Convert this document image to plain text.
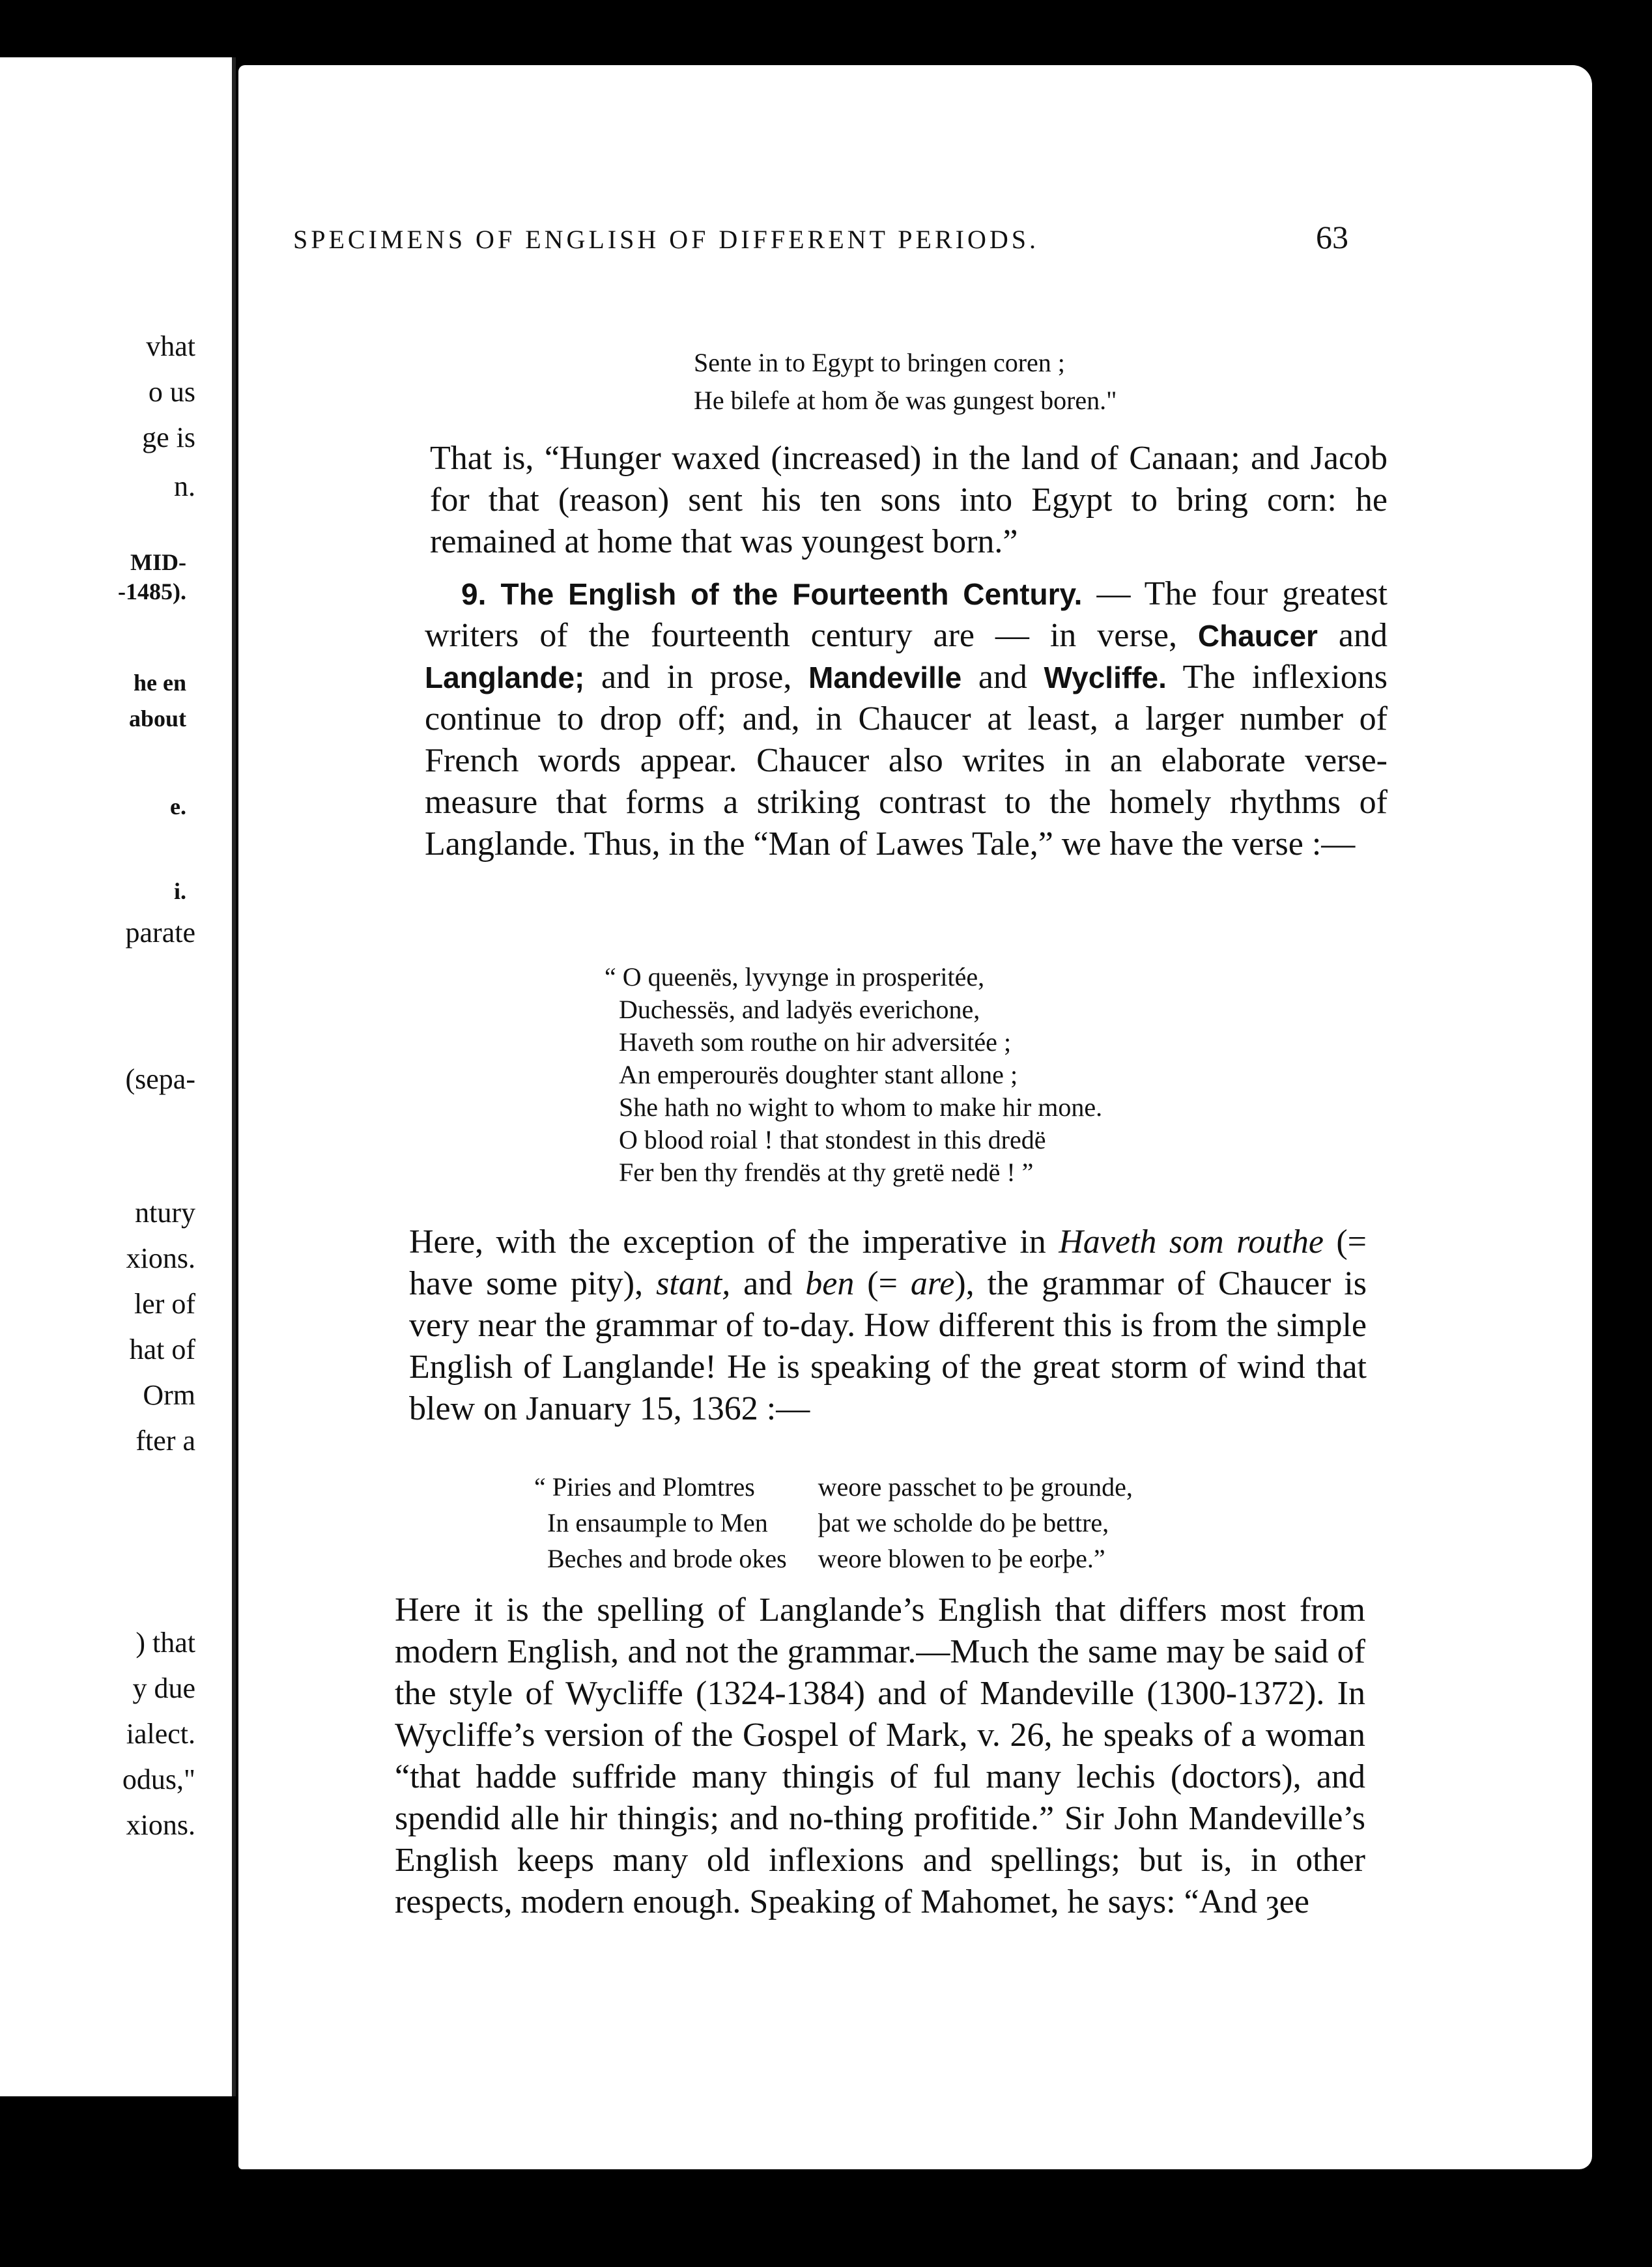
vhat
o us
ge is
n.
MID-
-1485).
he en
about
e.
i.
parate
(sepa-
ntury
xions.
ler of
hat of
Orm
fter a
) that
y due
ialect.
odus,"
xions.
SPECIMENS OF ENGLISH OF DIFFERENT PERIODS.	63
Sente in to Egypt to bringen coren ;
He bilefe at hom ðe was gungest boren."
That is, “Hunger waxed (increased) in the land of Canaan; and Jacob for that (reason) sent his ten sons into Egypt to bring corn: he remained at home that was youngest born.”
9. The English of the Fourteenth Century. — The four greatest writers of the fourteenth century are — in verse, Chaucer and Langlande; and in prose, Mandeville and Wycliffe. The inflexions continue to drop off; and, in Chaucer at least, a larger number of French words appear. Chaucer also writes in an elaborate verse-measure that forms a striking contrast to the homely rhythms of Langlande. Thus, in the “Man of Lawes Tale,” we have the verse :—
“ O queenës, lyvynge in prosperitée,
Duchessës, and ladyës everichone,
Haveth som routhe on hir adversitée ;
An emperourës doughter stant allone ;
She hath no wight to whom to make hir mone.
O blood roial ! that stondest in this dredë
Fer ben thy frendës at thy gretë nedë ! ”
Here, with the exception of the imperative in Haveth som routhe (= have some pity), stant, and ben (= are), the grammar of Chaucer is very near the grammar of to-day. How different this is from the simple English of Langlande! He is speaking of the great storm of wind that blew on January 15, 1362 :—
“ Piries and Plomtres	weore passchet to þe grounde,
In ensaumple to Men	þat we scholde do þe bettre,
Beches and brode okes	weore blowen to þe eorþe.”
Here it is the spelling of Langlande’s English that differs most from modern English, and not the grammar.—Much the same may be said of the style of Wycliffe (1324-1384) and of Mandeville (1300-1372). In Wycliffe’s version of the Gospel of Mark, v. 26, he speaks of a woman “that hadde suffride many thingis of ful many lechis (doctors), and spendid alle hir thingis; and no-thing profitide.” Sir John Mandeville’s English keeps many old inflexions and spellings; but is, in other respects, modern enough. Speaking of Mahomet, he says: “And ȝee
